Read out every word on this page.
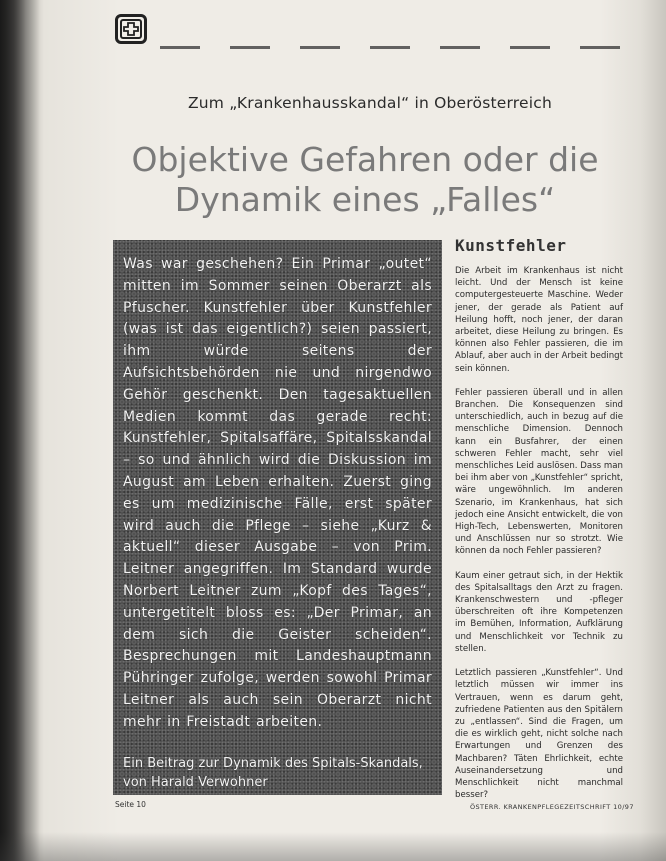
Zum „Krankenhausskandal“ in Oberösterreich
Objektive Gefahren oder die
Dynamik eines „Falles“

Was war geschehen? Ein Primar „outet“ mitten im Sommer seinen Oberarzt als Pfuscher. Kunstfehler über Kunstfehler (was ist das eigentlich?) seien passiert, ihm würde seitens der Aufsichtsbehörden nie und nirgendwo Gehör geschenkt. Den tagesaktuellen Medien kommt das gerade recht: Kunstfehler, Spitalsaffäre, Spitalsskandal – so und ähnlich wird die Diskussion im August am Leben erhalten. Zuerst ging es um medizinische Fälle, erst später wird auch die Pflege – siehe „Kurz & aktuell“ dieser Ausgabe – von Prim. Leitner angegriffen. Im Standard wurde Norbert Leitner zum „Kopf des Tages“, untergetitelt bloss es: „Der Primar, an dem sich die Geister scheiden“. Besprechungen mit Landeshauptmann Pühringer zufolge, werden sowohl Primar Leitner als auch sein Oberarzt nicht mehr in Freistadt arbeiten.

Ein Beitrag zur Dynamik des Spitals-Skandals, von Harald Verwohner

Kunstfehler

Die Arbeit im Krankenhaus ist nicht leicht. Und der Mensch ist keine computergesteuerte Maschine. Weder jener, der gerade als Patient auf Heilung hofft, noch jener, der daran arbeitet, diese Heilung zu bringen. Es können also Fehler passieren, die im Ablauf, aber auch in der Arbeit bedingt sein können.

Fehler passieren überall und in allen Branchen. Die Konsequenzen sind unterschiedlich, auch in bezug auf die menschliche Dimension. Dennoch kann ein Busfahrer, der einen schweren Fehler macht, sehr viel menschliches Leid auslösen. Dass man bei ihm aber von „Kunstfehler“ spricht, wäre ungewöhnlich. Im anderen Szenario, im Krankenhaus, hat sich jedoch eine Ansicht entwickelt, die von High-Tech, Lebenswerten, Monitoren und Anschlüssen nur so strotzt. Wie können da noch Fehler passieren?

Kaum einer getraut sich, in der Hektik des Spitalsalltags den Arzt zu fragen. Krankenschwestern und -pfleger überschreiten oft ihre Kompetenzen im Bemühen, Information, Aufklärung und Menschlichkeit vor Technik zu stellen.

Letztlich passieren „Kunstfehler“. Und letztlich müssen wir immer ins Vertrauen, wenn es darum geht, zufriedene Patienten aus den Spitälern zu „entlassen“. Sind die Fragen, um die es wirklich geht, nicht solche nach Erwartungen und Grenzen des Machbaren? Täten Ehrlichkeit, echte Auseinandersetzung und Menschlichkeit nicht manchmal besser?

Seite 10	ÖSTERR. KRANKENPFLEGEZEITSCHRIFT 10/97
